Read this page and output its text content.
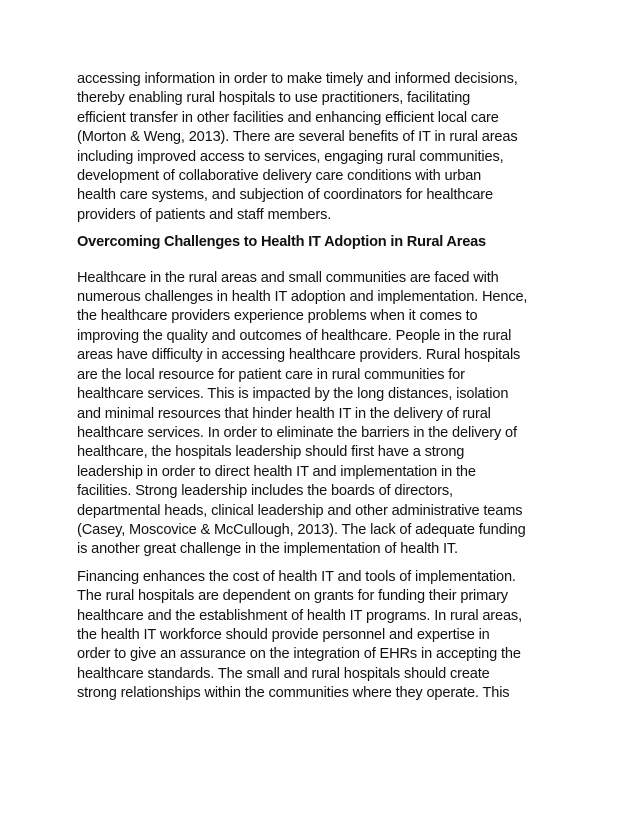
accessing information in order to make timely and informed decisions,
thereby enabling rural hospitals to use practitioners, facilitating
efficient transfer in other facilities and enhancing efficient local care
(Morton & Weng, 2013). There are several benefits of IT in rural areas
including improved access to services, engaging rural communities,
development of collaborative delivery care conditions with urban
health care systems, and subjection of coordinators for healthcare
providers of patients and staff members.

Overcoming Challenges to Health IT Adoption in Rural Areas

Healthcare in the rural areas and small communities are faced with
numerous challenges in health IT adoption and implementation. Hence,
the healthcare providers experience problems when it comes to
improving the quality and outcomes of healthcare. People in the rural
areas have difficulty in accessing healthcare providers. Rural hospitals
are the local resource for patient care in rural communities for
healthcare services. This is impacted by the long distances, isolation
and minimal resources that hinder health IT in the delivery of rural
healthcare services. In order to eliminate the barriers in the delivery of
healthcare, the hospitals leadership should first have a strong
leadership in order to direct health IT and implementation in the
facilities. Strong leadership includes the boards of directors,
departmental heads, clinical leadership and other administrative teams
(Casey, Moscovice & McCullough, 2013). The lack of adequate funding
is another great challenge in the implementation of health IT.

Financing enhances the cost of health IT and tools of implementation.
The rural hospitals are dependent on grants for funding their primary
healthcare and the establishment of health IT programs. In rural areas,
the health IT workforce should provide personnel and expertise in
order to give an assurance on the integration of EHRs in accepting the
healthcare standards. The small and rural hospitals should create
strong relationships within the communities where they operate. This
